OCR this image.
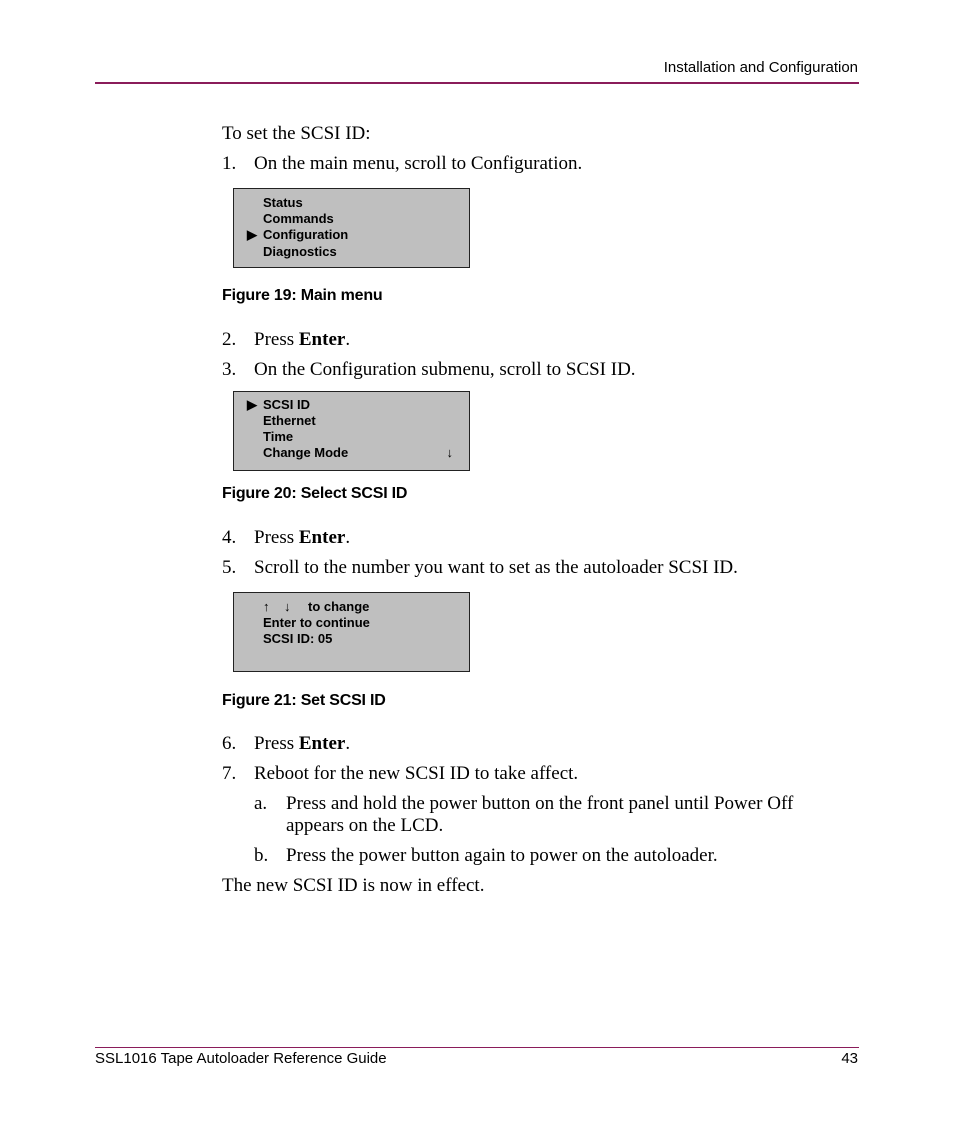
Installation and Configuration
To set the SCSI ID:
1. On the main menu, scroll to Configuration.
Status
Commands
▶ Configuration
Diagnostics
Figure 19: Main menu
2. Press Enter.
3. On the Configuration submenu, scroll to SCSI ID.
▶ SCSI ID
Ethernet
Time
Change Mode	↓
Figure 20: Select SCSI ID
4. Press Enter.
5. Scroll to the number you want to set as the autoloader SCSI ID.
↑ ↓ to change
Enter to continue
SCSI ID: 05
Figure 21: Set SCSI ID
6. Press Enter.
7. Reboot for the new SCSI ID to take affect.
a. Press and hold the power button on the front panel until Power Off appears on the LCD.
b. Press the power button again to power on the autoloader.
The new SCSI ID is now in effect.
SSL1016 Tape Autoloader Reference Guide	43
